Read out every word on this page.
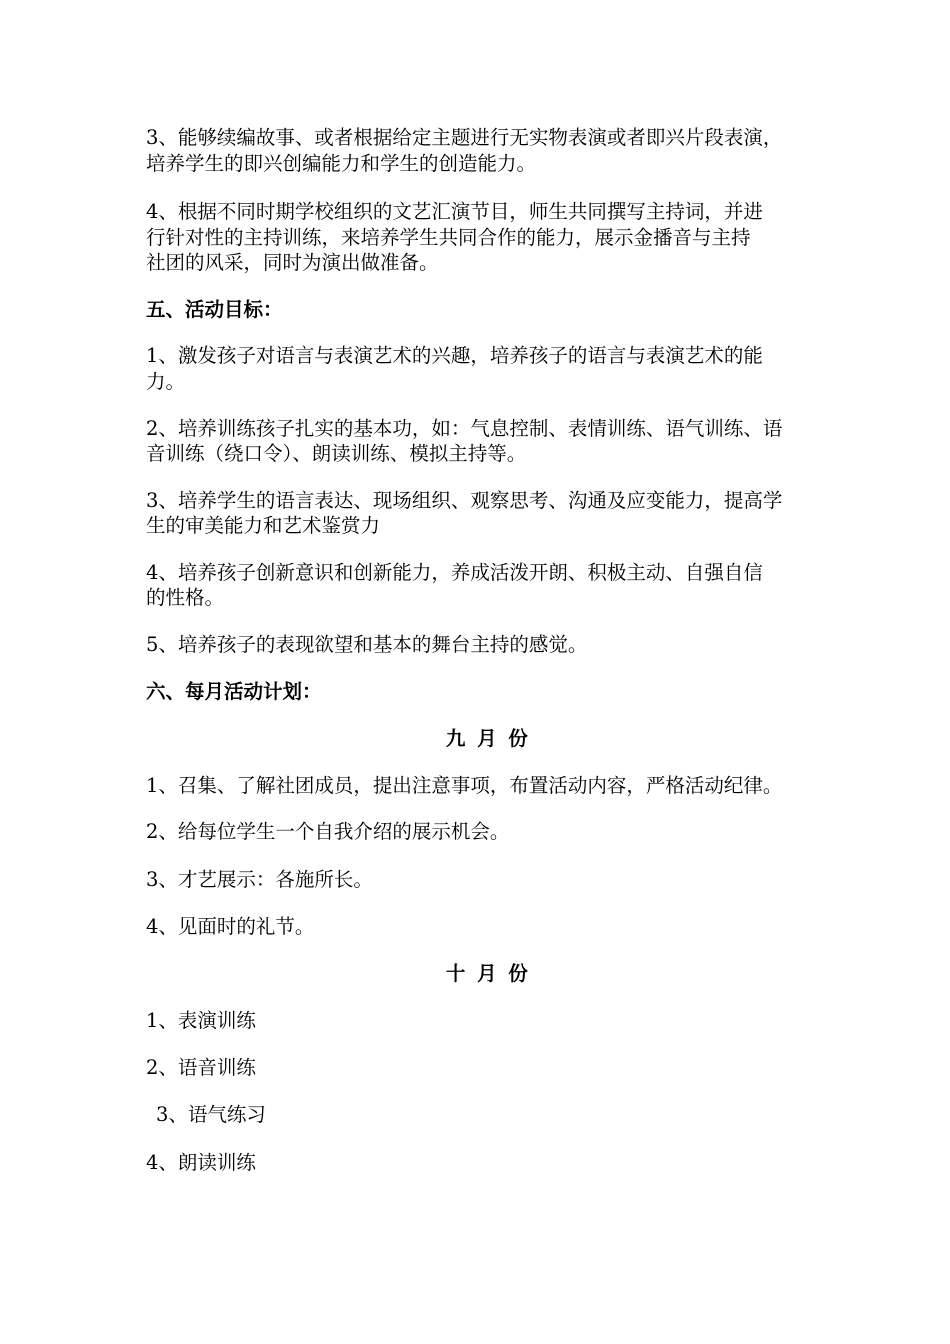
3、能够续编故事、或者根据给定主题进行无实物表演或者即兴片段表演，
培养学生的即兴创编能力和学生的创造能力。
4、根据不同时期学校组织的文艺汇演节目，师生共同撰写主持词，并进
行针对性的主持训练，来培养学生共同合作的能力，展示金播音与主持
社团的风采，同时为演出做准备。
五、活动目标：
1、激发孩子对语言与表演艺术的兴趣，培养孩子的语言与表演艺术的能
力。
2、培养训练孩子扎实的基本功，如：气息控制、表情训练、语气训练、语
音训练（绕口令）、朗读训练、模拟主持等。
3、培养学生的语言表达、现场组织、观察思考、沟通及应变能力，提高学
生的审美能力和艺术鉴赏力
4、培养孩子创新意识和创新能力，养成活泼开朗、积极主动、自强自信
的性格。
5、培养孩子的表现欲望和基本的舞台主持的感觉。
六、每月活动计划：
九月份
1、召集、了解社团成员，提出注意事项，布置活动内容，严格活动纪律。
2、给每位学生一个自我介绍的展示机会。
3、才艺展示：各施所长。
4、见面时的礼节。
十月份
1、表演训练
2、语音训练
3、语气练习
4、朗读训练
